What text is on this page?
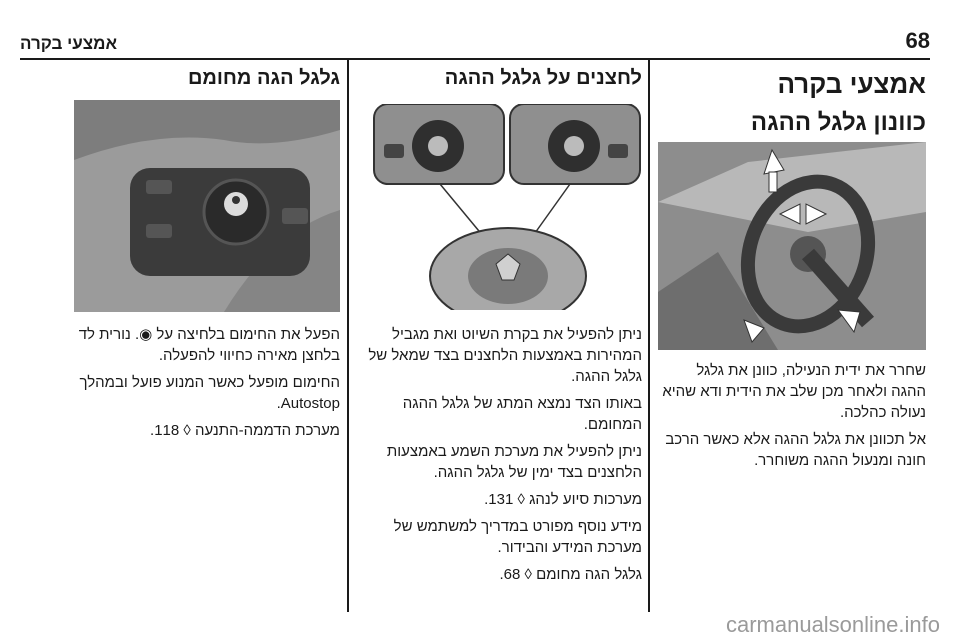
68
אמצעי בקרה
אמצעי בקרה
כוונון גלגל ההגה

שחרר את ידית הנעילה, כוונן את גלגל ההגה ולאחר מכן שלב את הידית ודא שהיא נעולה כהלכה.

אל תכוונן את גלגל ההגה אלא כאשר הרכב חונה ומנעול ההגה משוחרר.

לחצנים על גלגל ההגה

ניתן להפעיל את בקרת השיוט ואת מגביל המהירות באמצעות הלחצנים בצד שמאל של גלגל ההגה.

באותו הצד נמצא המתג של גלגל ההגה המחומם.

ניתן להפעיל את מערכת השמע באמצעות הלחצנים בצד ימין של גלגל ההגה.

מערכות סיוע לנהג ◊ 131.

מידע נוסף מפורט במדריך למשתמש של מערכת המידע והבידור.

גלגל הגה מחומם ◊ 68.

גלגל הגה מחומם

הפעל את החימום בלחיצה על ◉. נורית לד בלחצן מאירה כחיווי להפעלה.

החימום מופעל כאשר המנוע פועל ובמהלך Autostop.

מערכת הדממה-התנעה ◊ 118.

carmanualsonline.info
